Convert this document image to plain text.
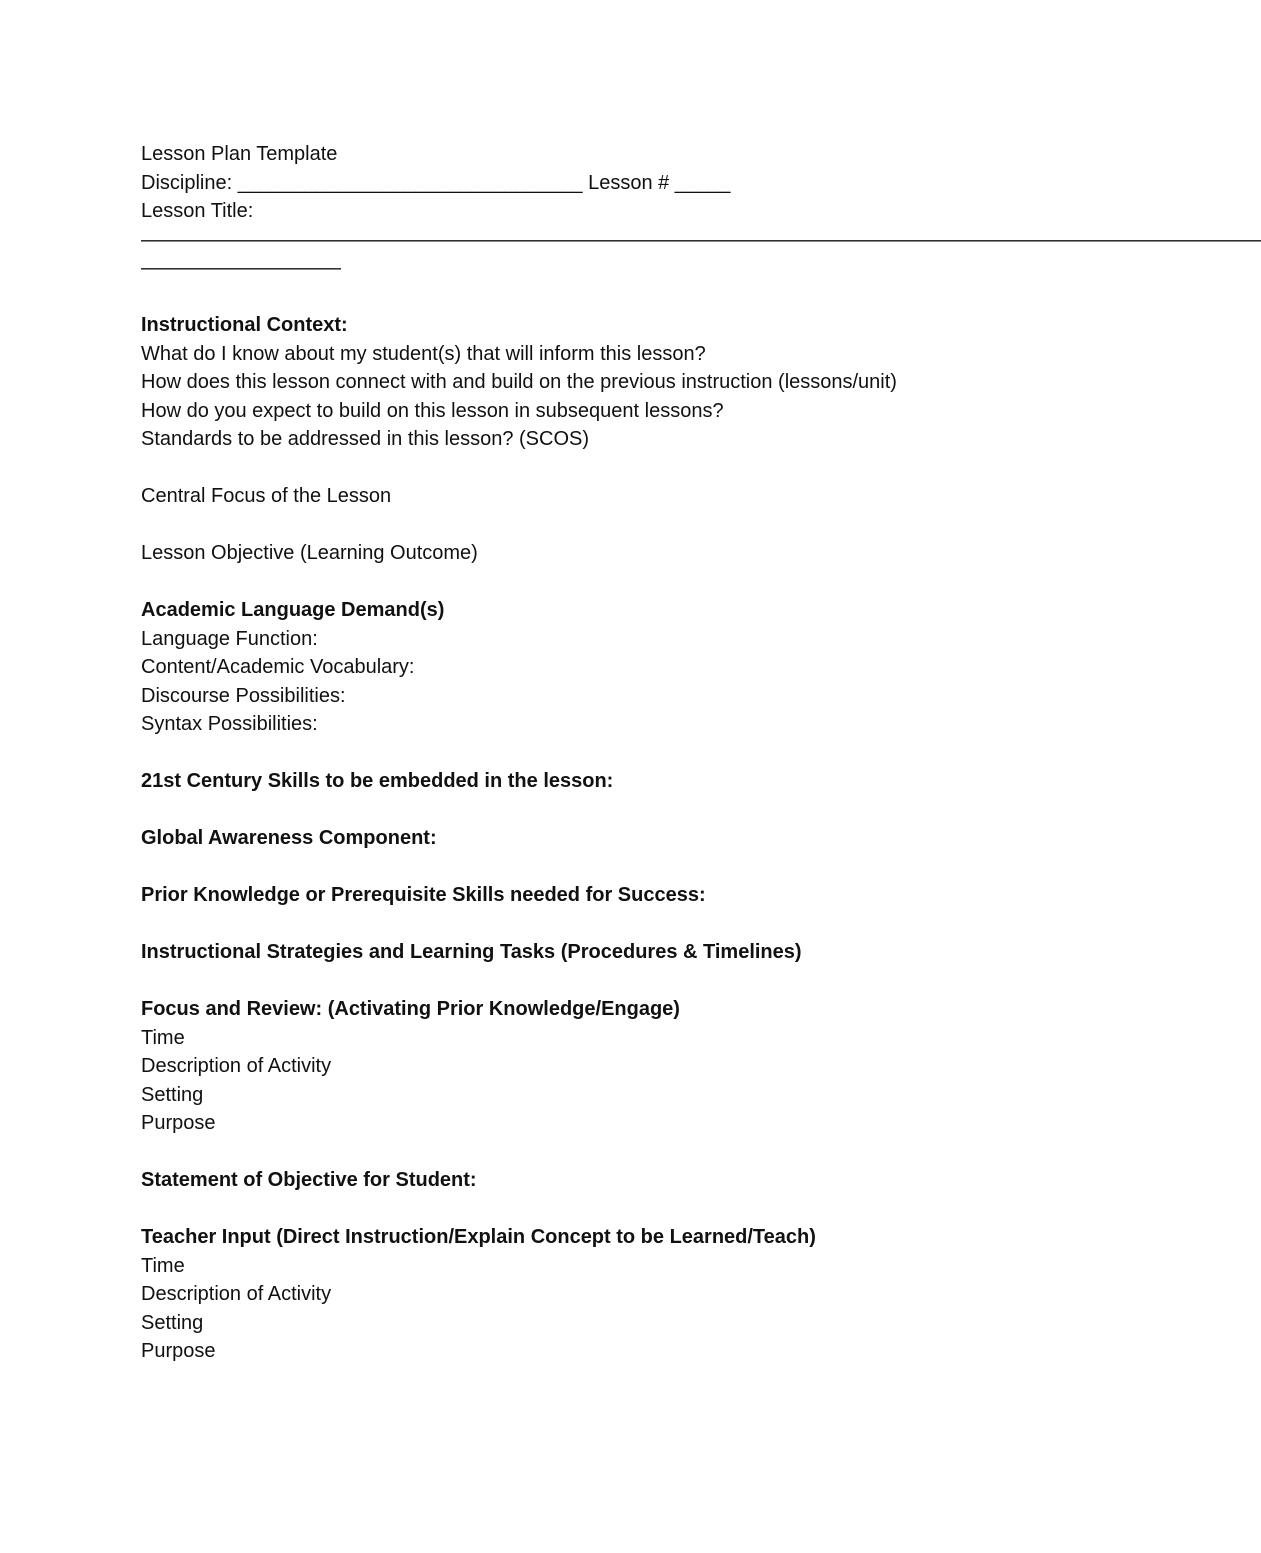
Lesson Plan Template
Discipline: _______________________________ Lesson # _____
Lesson Title:
————————————————————————————————————————————————————————
——————————
Instructional Context:
What do I know about my student(s) that will inform this lesson?
How does this lesson connect with and build on the previous instruction (lessons/unit)
How do you expect to build on this lesson in subsequent lessons?
Standards to be addressed in this lesson? (SCOS)
Central Focus of the Lesson
Lesson Objective (Learning Outcome)
Academic Language Demand(s)
Language Function:
Content/Academic Vocabulary:
Discourse Possibilities:
Syntax Possibilities:
21st Century Skills to be embedded in the lesson:
Global Awareness Component:
Prior Knowledge or Prerequisite Skills needed for Success:
Instructional Strategies and Learning Tasks (Procedures & Timelines)
Focus and Review: (Activating Prior Knowledge/Engage)
Time
Description of Activity
Setting
Purpose
Statement of Objective for Student:
Teacher Input (Direct Instruction/Explain Concept to be Learned/Teach)
Time
Description of Activity
Setting
Purpose
